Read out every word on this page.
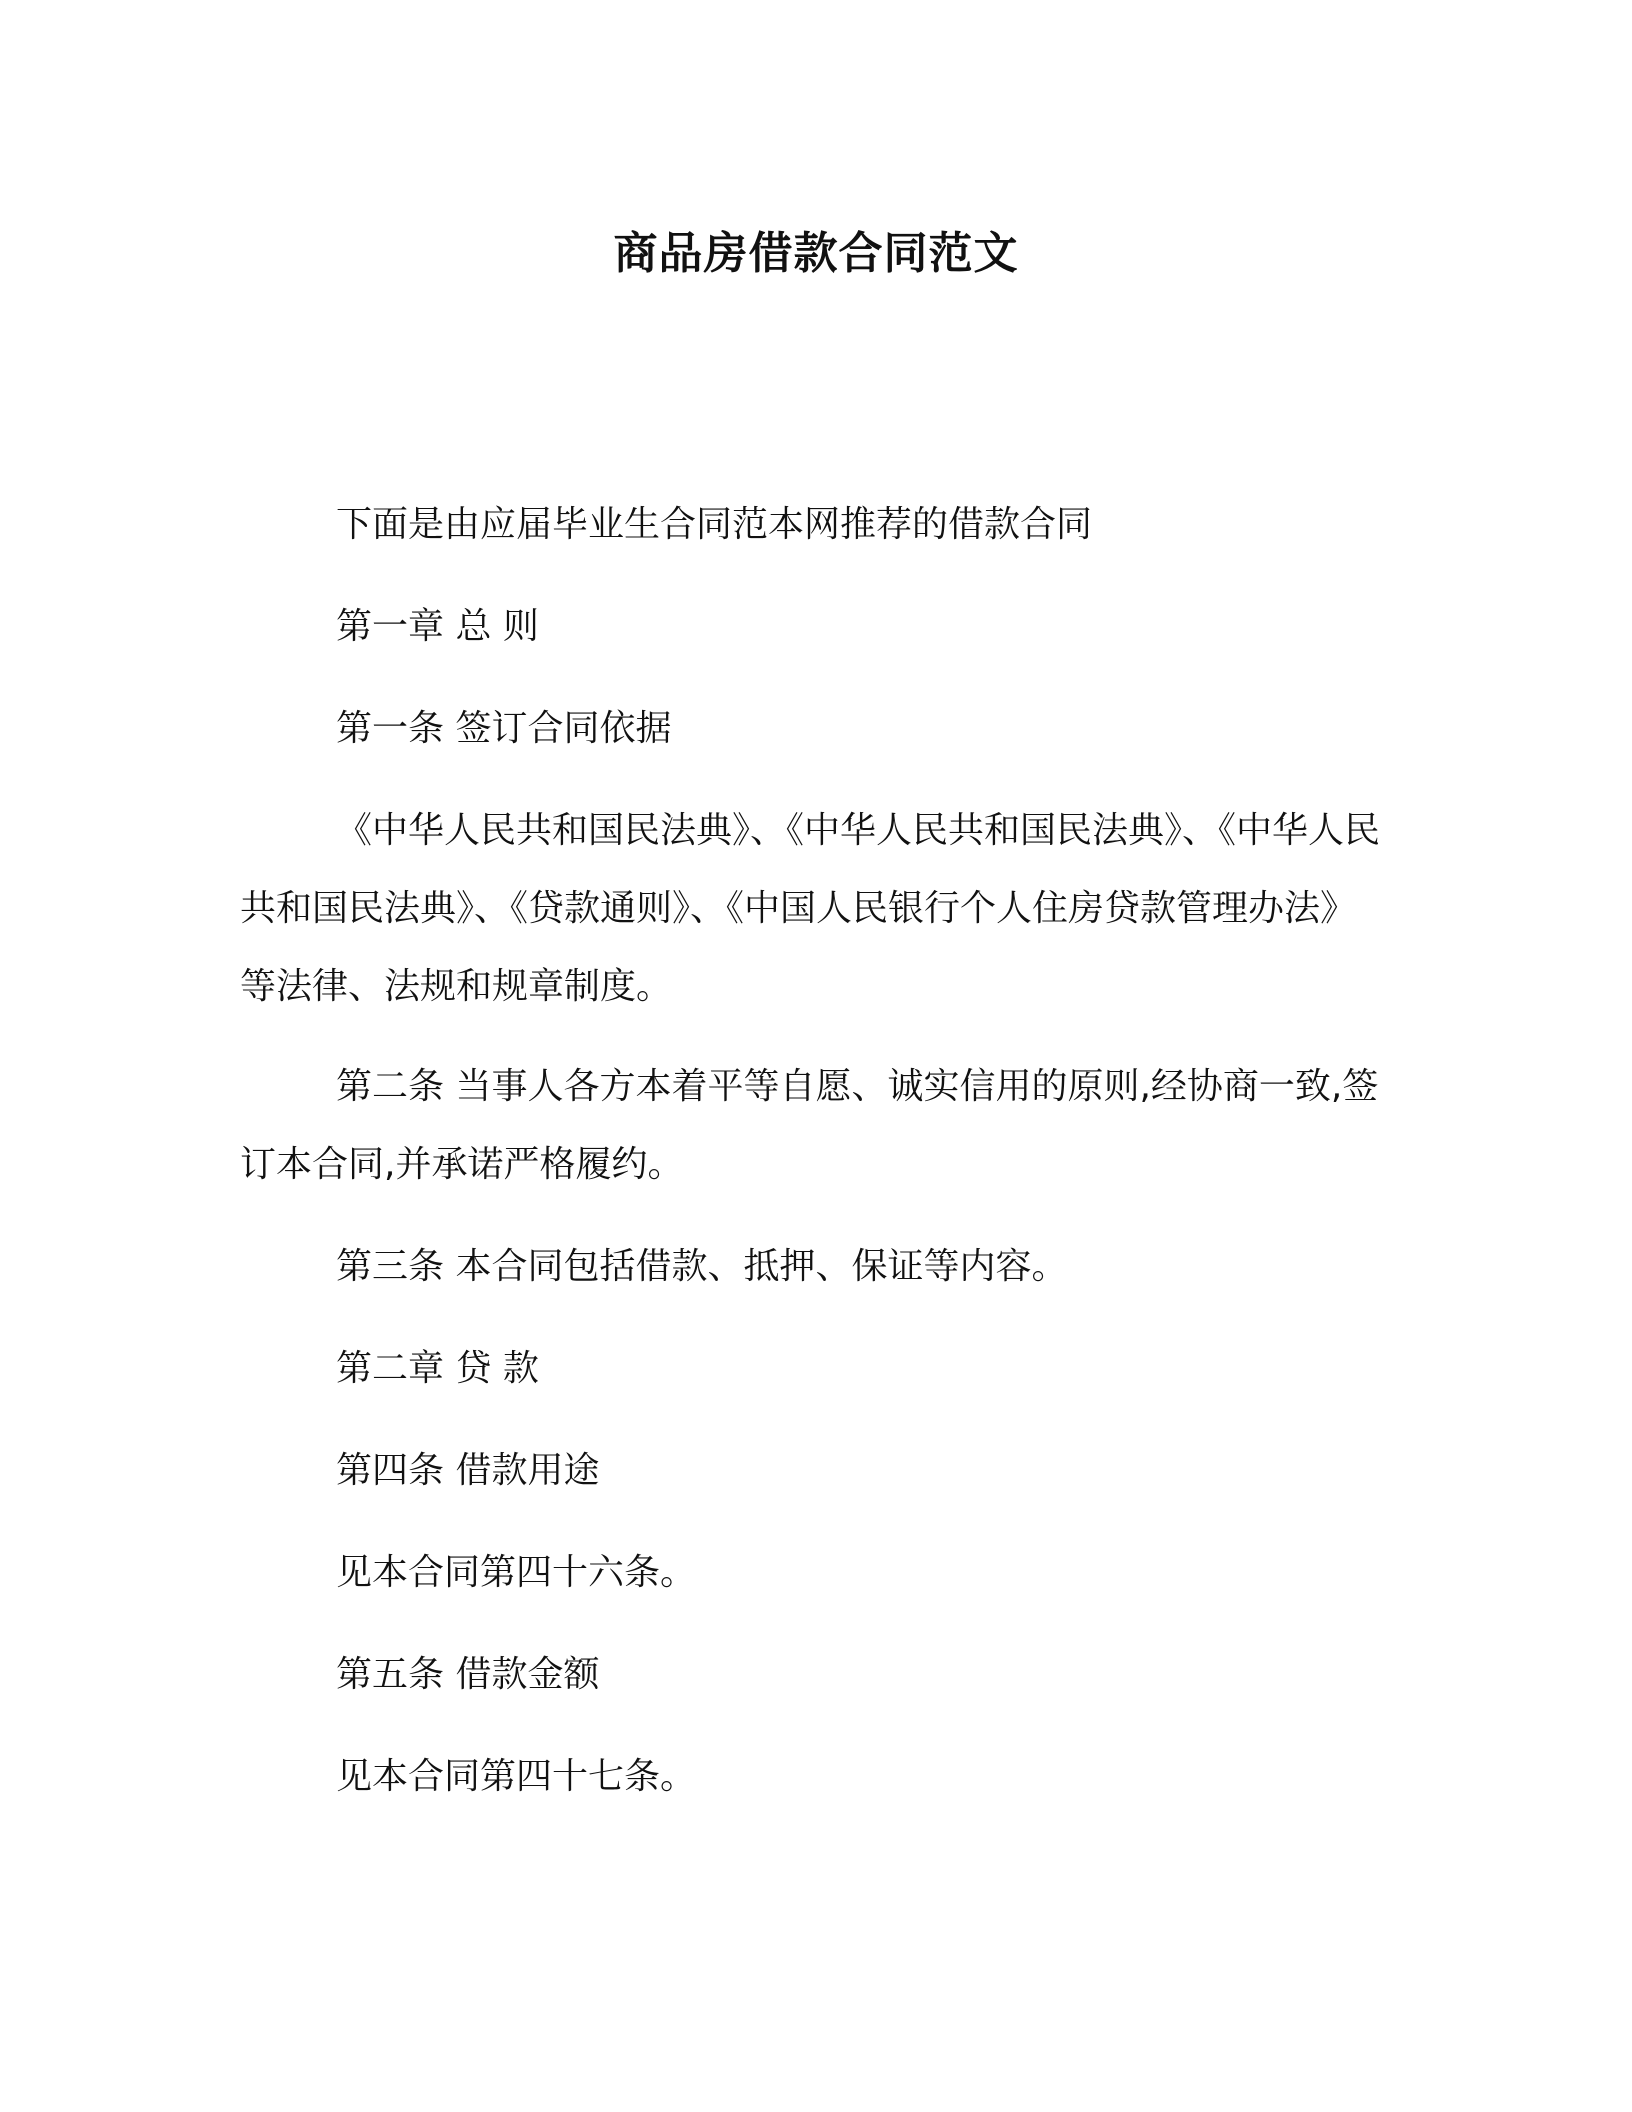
商品房借款合同范文

下面是由应届毕业生合同范本网推荐的借款合同

第一章 总 则

第一条 签订合同依据

《中华人民共和国民法典》、《中华人民共和国民法典》、《中华人民共和国民法典》、《贷款通则》、《中国人民银行个人住房贷款管理办法》等法律、法规和规章制度。

第二条 当事人各方本着平等自愿、诚实信用的原则,经协商一致,签订本合同,并承诺严格履约。

第三条 本合同包括借款、抵押、保证等内容。

第二章 贷 款

第四条 借款用途

见本合同第四十六条。

第五条 借款金额

见本合同第四十七条。
